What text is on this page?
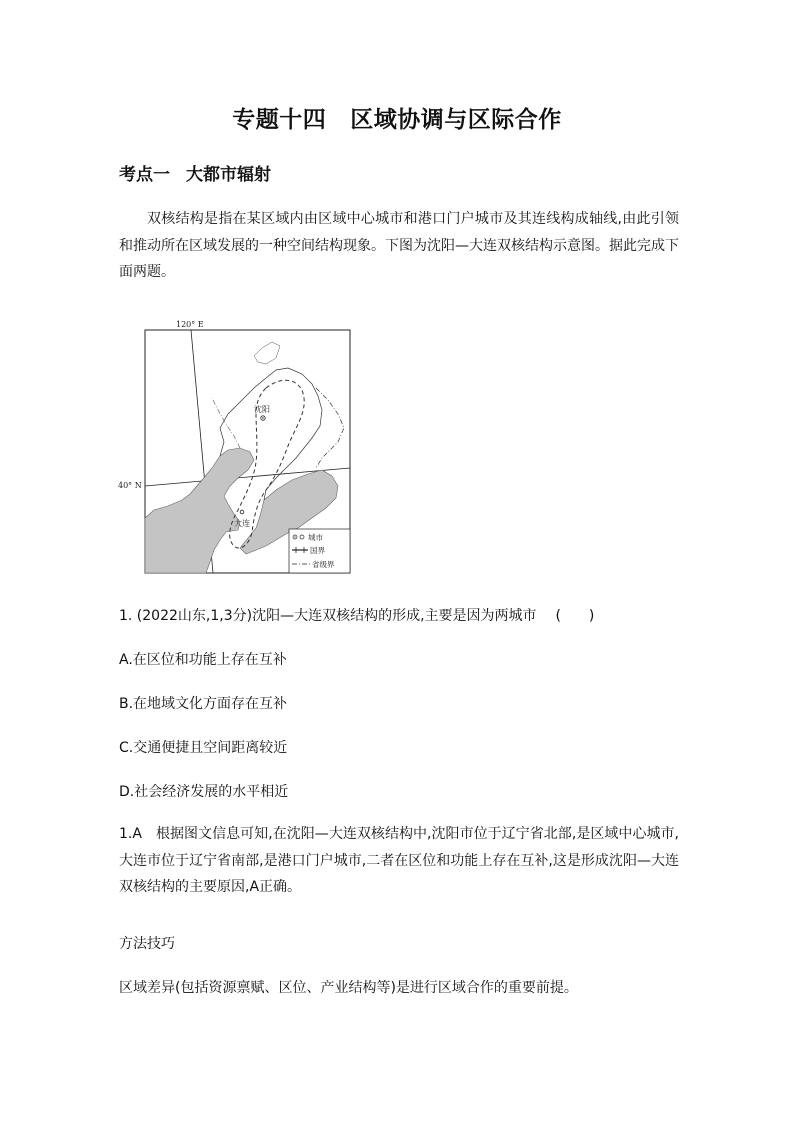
专题十四 区域协调与区际合作
考点一 大都市辐射
双核结构是指在某区域内由区域中心城市和港口门户城市及其连线构成轴线,由此引领和推动所在区域发展的一种空间结构现象。下图为沈阳—大连双核结构示意图。据此完成下面两题。
120° E
40° N
沈阳
大连
城市
国界
省级界
1. (2022山东,1,3分)沈阳—大连双核结构的形成,主要是因为两城市 (　　)
A.在区位和功能上存在互补
B.在地域文化方面存在互补
C.交通便捷且空间距离较近
D.社会经济发展的水平相近
1.A 根据图文信息可知,在沈阳—大连双核结构中,沈阳市位于辽宁省北部,是区域中心城市,大连市位于辽宁省南部,是港口门户城市,二者在区位和功能上存在互补,这是形成沈阳—大连双核结构的主要原因,A正确。
方法技巧
区域差异(包括资源禀赋、区位、产业结构等)是进行区域合作的重要前提。
